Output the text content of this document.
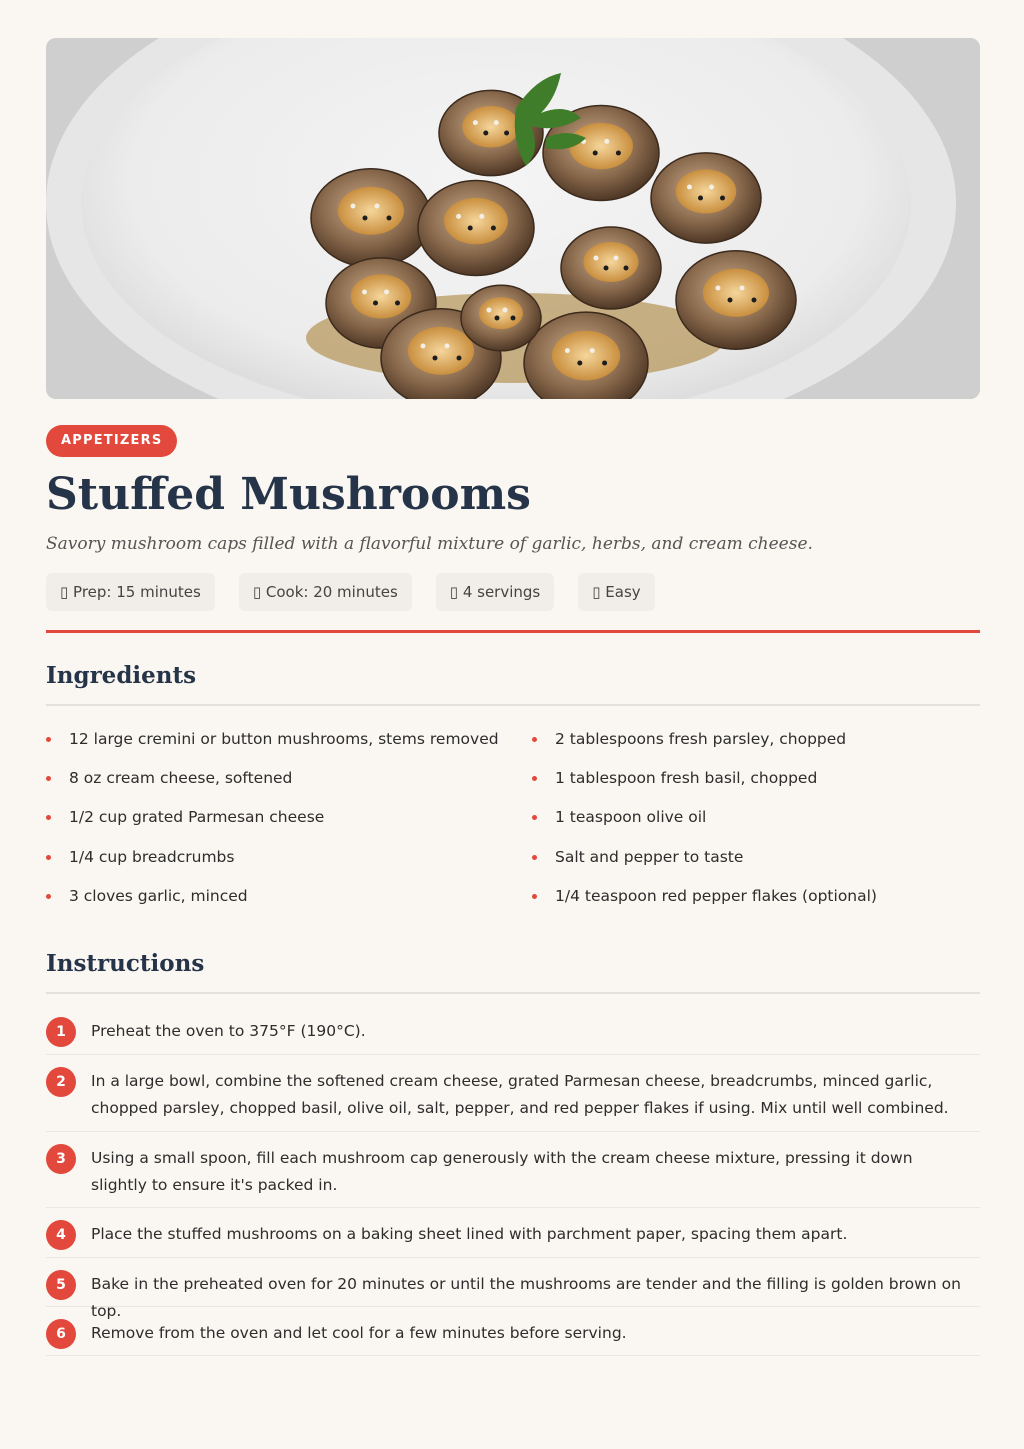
APPETIZERS
Stuffed Mushrooms

Savory mushroom caps filled with a flavorful mixture of garlic, herbs, and cream cheese.

▯ Prep: 15 minutes	▯ Cook: 20 minutes	▯ 4 servings	▯ Easy
Ingredients
12 large cremini or button mushrooms, stems removed
8 oz cream cheese, softened
1/2 cup grated Parmesan cheese
1/4 cup breadcrumbs
3 cloves garlic, minced
2 tablespoons fresh parsley, chopped
1 tablespoon fresh basil, chopped
1 teaspoon olive oil
Salt and pepper to taste
1/4 teaspoon red pepper flakes (optional)
Instructions
1	Preheat the oven to 375°F (190°C).
2	In a large bowl, combine the softened cream cheese, grated Parmesan cheese, breadcrumbs, minced garlic, chopped parsley, chopped basil, olive oil, salt, pepper, and red pepper flakes if using. Mix until well combined.
3	Using a small spoon, fill each mushroom cap generously with the cream cheese mixture, pressing it down slightly to ensure it's packed in.
4	Place the stuffed mushrooms on a baking sheet lined with parchment paper, spacing them apart.
5	Bake in the preheated oven for 20 minutes or until the mushrooms are tender and the filling is golden brown on top.
6	Remove from the oven and let cool for a few minutes before serving.
